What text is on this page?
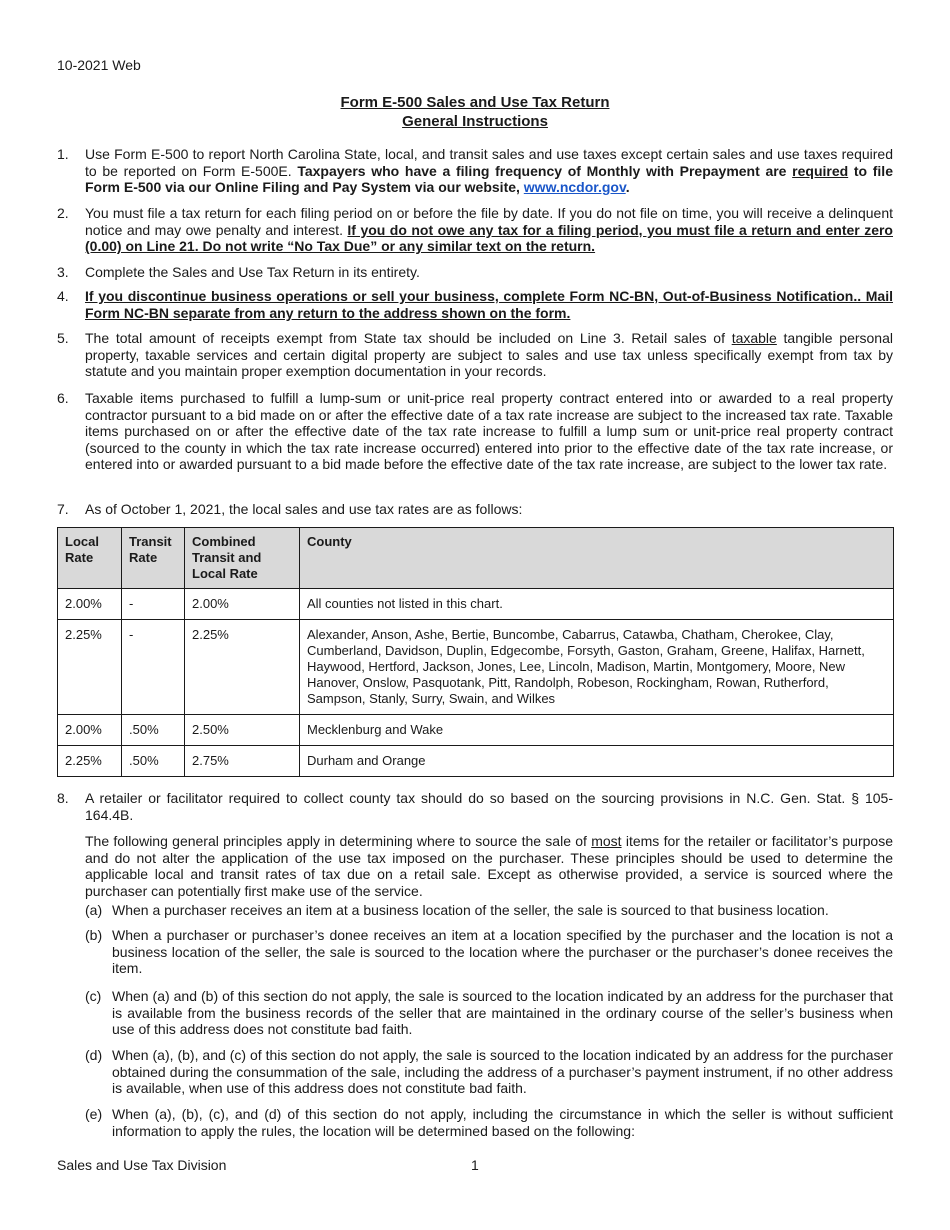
10-2021 Web
Form E-500 Sales and Use Tax Return
General Instructions
1.	Use Form E-500 to report North Carolina State, local, and transit sales and use taxes except certain sales and use taxes required to be reported on Form E-500E. Taxpayers who have a filing frequency of Monthly with Prepayment are required to file Form E-500 via our Online Filing and Pay System via our website, www.ncdor.gov.
2.	You must file a tax return for each filing period on or before the file by date. If you do not file on time, you will receive a delinquent notice and may owe penalty and interest. If you do not owe any tax for a filing period, you must file a return and enter zero (0.00) on Line 21. Do not write “No Tax Due” or any similar text on the return.
3.	Complete the Sales and Use Tax Return in its entirety.
4.	If you discontinue business operations or sell your business, complete Form NC-BN, Out-of-Business Notification.. Mail Form NC-BN separate from any return to the address shown on the form.
5.	The total amount of receipts exempt from State tax should be included on Line 3. Retail sales of taxable tangible personal property, taxable services and certain digital property are subject to sales and use tax unless specifically exempt from tax by statute and you maintain proper exemption documentation in your records.
6.	Taxable items purchased to fulfill a lump-sum or unit-price real property contract entered into or awarded to a real property contractor pursuant to a bid made on or after the effective date of a tax rate increase are subject to the increased tax rate. Taxable items purchased on or after the effective date of the tax rate increase to fulfill a lump sum or unit-price real property contract (sourced to the county in which the tax rate increase occurred) entered into prior to the effective date of the tax rate increase, or entered into or awarded pursuant to a bid made before the effective date of the tax rate increase, are subject to the lower tax rate.
7.	As of October 1, 2021, the local sales and use tax rates are as follows:
Local Rate	Transit Rate	Combined Transit and Local Rate	County
2.00%	-	2.00%	All counties not listed in this chart.
2.25%	-	2.25%	Alexander, Anson, Ashe, Bertie, Buncombe, Cabarrus, Catawba, Chatham, Cherokee, Clay, Cumberland, Davidson, Duplin, Edgecombe, Forsyth, Gaston, Graham, Greene, Halifax, Harnett, Haywood, Hertford, Jackson, Jones, Lee, Lincoln, Madison, Martin, Montgomery, Moore, New Hanover, Onslow, Pasquotank, Pitt, Randolph, Robeson, Rockingham, Rowan, Rutherford, Sampson, Stanly, Surry, Swain, and Wilkes
2.00%	.50%	2.50%	Mecklenburg and Wake
2.25%	.50%	2.75%	Durham and Orange
8.	A retailer or facilitator required to collect county tax should do so based on the sourcing provisions in N.C. Gen. Stat. § 105-164.4B.
The following general principles apply in determining where to source the sale of most items for the retailer or facilitator’s purpose and do not alter the application of the use tax imposed on the purchaser. These principles should be used to determine the applicable local and transit rates of tax due on a retail sale. Except as otherwise provided, a service is sourced where the purchaser can potentially first make use of the service.
(a) When a purchaser receives an item at a business location of the seller, the sale is sourced to that business location.
(b) When a purchaser or purchaser’s donee receives an item at a location specified by the purchaser and the location is not a business location of the seller, the sale is sourced to the location where the purchaser or the purchaser’s donee receives the item.
(c) When (a) and (b) of this section do not apply, the sale is sourced to the location indicated by an address for the purchaser that is available from the business records of the seller that are maintained in the ordinary course of the seller’s business when use of this address does not constitute bad faith.
(d) When (a), (b), and (c) of this section do not apply, the sale is sourced to the location indicated by an address for the purchaser obtained during the consummation of the sale, including the address of a purchaser’s payment instrument, if no other address is available, when use of this address does not constitute bad faith.
(e) When (a), (b), (c), and (d) of this section do not apply, including the circumstance in which the seller is without sufficient information to apply the rules, the location will be determined based on the following:
Sales and Use Tax Division	1
